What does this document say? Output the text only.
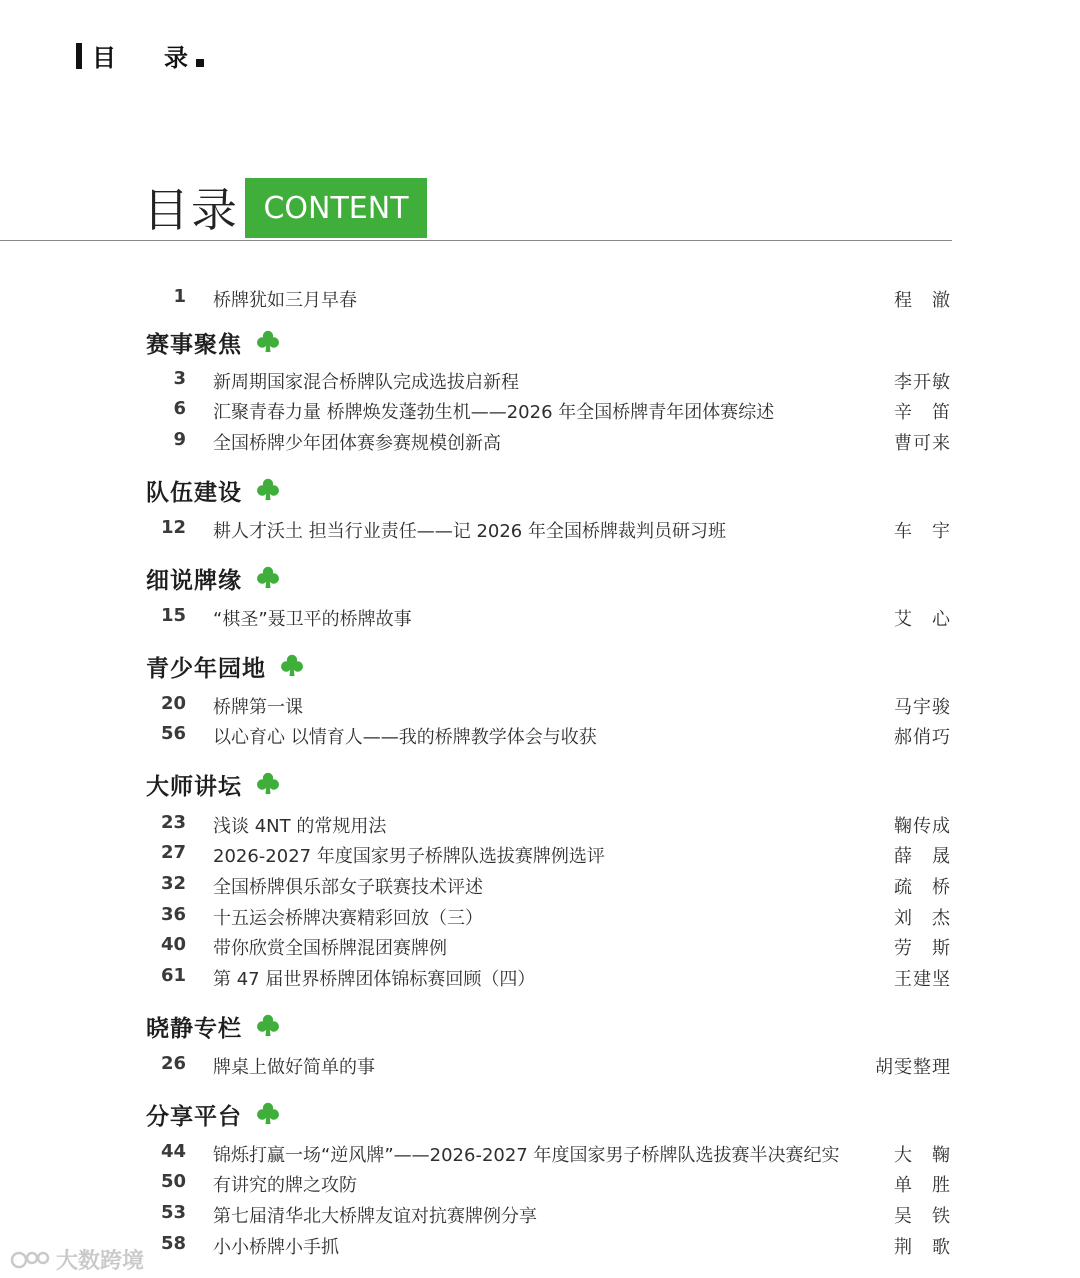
目 录
目录 CONTENT
1 桥牌犹如三月早春	程　澈
赛事聚焦
3 新周期国家混合桥牌队完成选拔启新程	李开敏
6 汇聚青春力量 桥牌焕发蓬勃生机——2026 年全国桥牌青年团体赛综述	辛　笛
9 全国桥牌少年团体赛参赛规模创新高	曹可来
队伍建设
12 耕人才沃土 担当行业责任——记 2026 年全国桥牌裁判员研习班	车　宇
细说牌缘
15 “棋圣”聂卫平的桥牌故事	艾　心
青少年园地
20 桥牌第一课	马宇骏
56 以心育心 以情育人——我的桥牌教学体会与收获	郝俏巧
大师讲坛
23 浅谈 4NT 的常规用法	鞠传成
27 2026-2027 年度国家男子桥牌队选拔赛牌例选评	薛　晟
32 全国桥牌俱乐部女子联赛技术评述	疏　桥
36 十五运会桥牌决赛精彩回放（三）	刘　杰
40 带你欣赏全国桥牌混团赛牌例	劳　斯
61 第 47 届世界桥牌团体锦标赛回顾（四）	王建坚
晓静专栏
26 牌桌上做好简单的事	胡雯整理
分享平台
44 锦烁打赢一场“逆风牌”——2026-2027 年度国家男子桥牌队选拔赛半决赛纪实	大　鞠
50 有讲究的牌之攻防	单　胜
53 第七届清华北大桥牌友谊对抗赛牌例分享	吴　铁
58 小小桥牌小手抓	荆　歌
大数跨境
